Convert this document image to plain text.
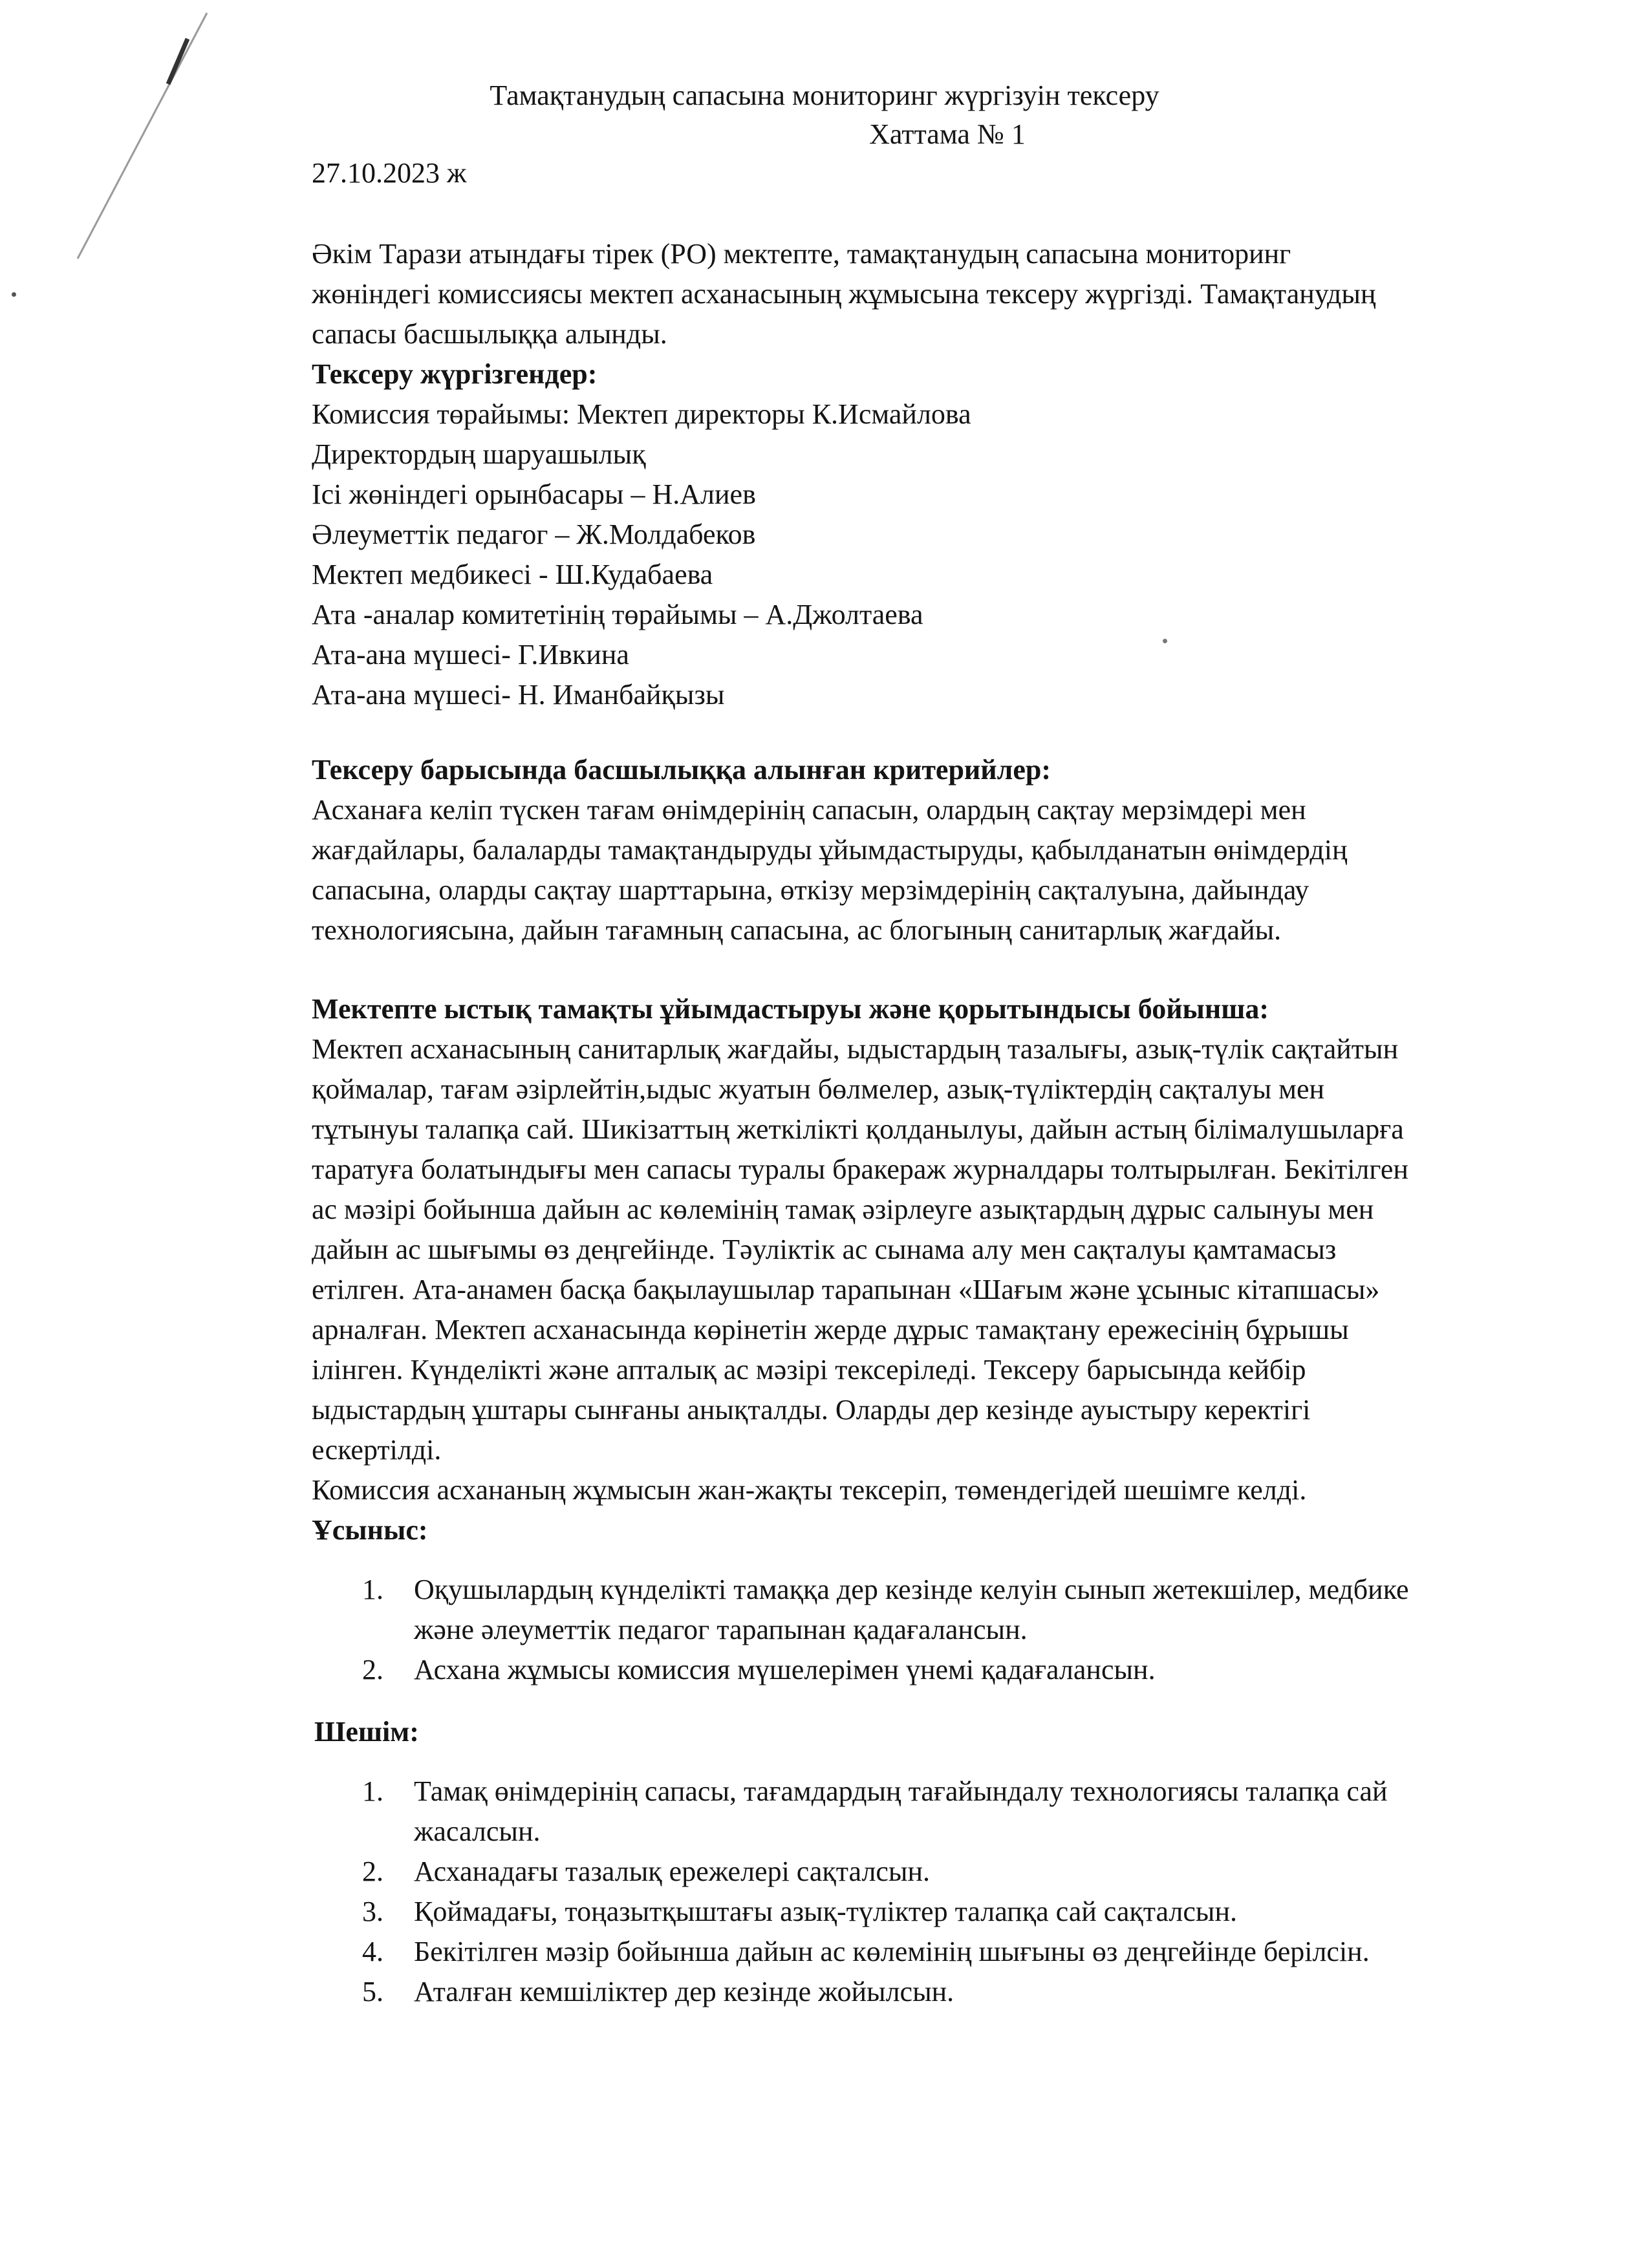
Тамақтанудың сапасына мониторинг жүргізуін тексеру
Хаттама № 1
27.10.2023 ж
Әкім Тарази атындағы тірек (РО) мектепте, тамақтанудың сапасына мониторинг
жөніндегі комиссиясы мектеп асханасының жұмысына тексеру жүргізді. Тамақтанудың
сапасы басшылыққа алынды.
Тексеру жүргізгендер:
Комиссия төрайымы: Мектеп директоры К.Исмайлова
Директордың шаруашылық
Ісі жөніндегі орынбасары – Н.Алиев
Әлеуметтік педагог – Ж.Молдабеков
Мектеп медбикесі - Ш.Кудабаева
Ата -аналар комитетінің төрайымы – А.Джолтаева
Ата-ана мүшесі- Г.Ивкина
Ата-ана мүшесі- Н. Иманбайқызы
Тексеру барысында басшылыққа алынған критерийлер:
Асханаға келіп түскен тағам өнімдерінің сапасын, олардың сақтау мерзімдері мен
жағдайлары, балаларды тамақтандыруды ұйымдастыруды, қабылданатын өнімдердің
сапасына, оларды сақтау шарттарына, өткізу мерзімдерінің сақталуына, дайындау
технологиясына, дайын тағамның сапасына, ас блогының санитарлық жағдайы.
Мектепте ыстық тамақты ұйымдастыруы және қорытындысы бойынша:
Мектеп асханасының санитарлық жағдайы, ыдыстардың тазалығы, азық-түлік сақтайтын
қоймалар, тағам әзірлейтін,ыдыс жуатын бөлмелер, азық-түліктердің сақталуы мен
тұтынуы талапқа сай. Шикізаттың жеткілікті қолданылуы, дайын астың білімалушыларға
таратуға болатындығы мен сапасы туралы бракераж журналдары толтырылған. Бекітілген
ас мәзірі бойынша дайын ас көлемінің тамақ әзірлеуге азықтардың дұрыс салынуы мен
дайын ас шығымы өз деңгейінде. Тәуліктік ас сынама алу мен сақталуы қамтамасыз
етілген. Ата-анамен басқа бақылаушылар тарапынан «Шағым және ұсыныс кітапшасы»
арналған. Мектеп асханасында көрінетін жерде дұрыс тамақтану ережесінің бұрышы
ілінген. Күнделікті және апталық ас мәзірі тексеріледі. Тексеру барысында кейбір
ыдыстардың ұштары сынғаны анықталды. Оларды дер кезінде ауыстыру керектігі
ескертілді.
Комиссия асхананың жұмысын жан-жақты тексеріп, төмендегідей шешімге келді.
Ұсыныс:
1. Оқушылардың күнделікті тамаққа дер кезінде келуін сынып жетекшілер, медбике
және әлеуметтік педагог тарапынан қадағалансын.
2. Асхана жұмысы комиссия мүшелерімен үнемі қадағалансын.
Шешім:
1. Тамақ өнімдерінің сапасы, тағамдардың тағайындалу технологиясы талапқа сай
жасалсын.
2. Асханадағы тазалық ережелері сақталсын.
3. Қоймадағы, тоңазытқыштағы азық-түліктер талапқа сай сақталсын.
4. Бекітілген мәзір бойынша дайын ас көлемінің шығыны өз деңгейінде берілсін.
5. Аталған кемшіліктер дер кезінде жойылсын.
